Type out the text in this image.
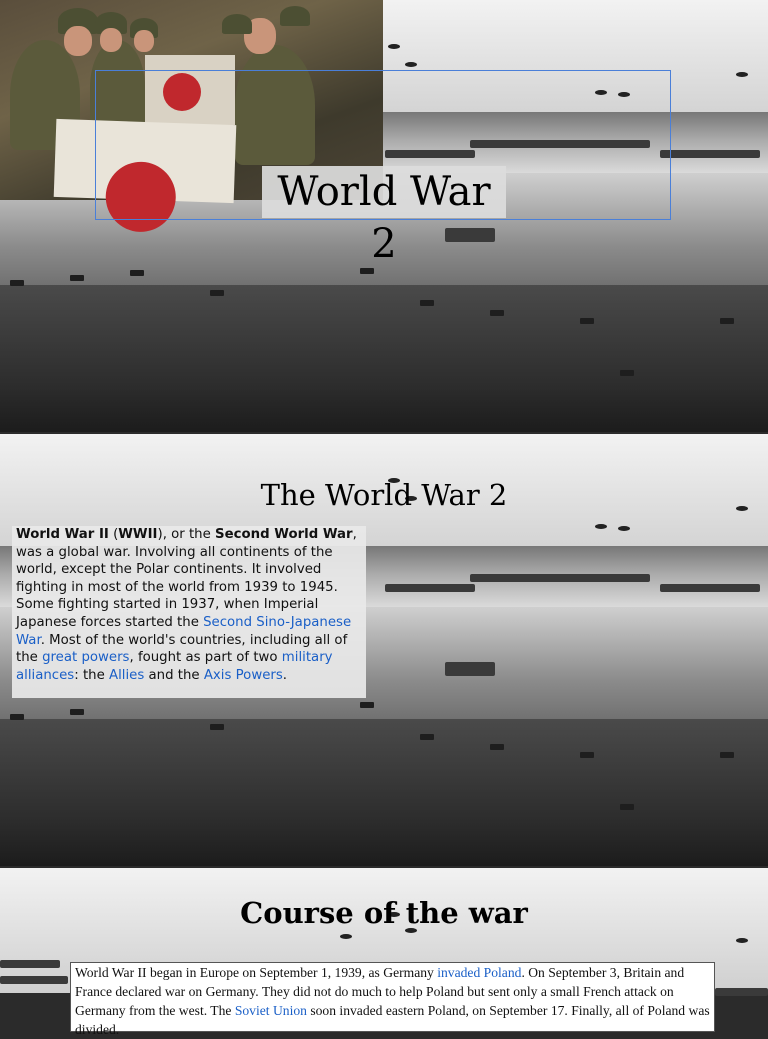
World War 2
The World War 2
World War II (WWII), or the Second World War, was a global war. Involving all continents of the world, except the Polar continents. It involved fighting in most of the world from 1939 to 1945. Some fighting started in 1937, when Imperial Japanese forces started the Second Sino-Japanese War. Most of the world's countries, including all of the great powers, fought as part of two military alliances: the Allies and the Axis Powers.
Course of the war
World War II began in Europe on September 1, 1939, as Germany invaded Poland. On September 3, Britain and France declared war on Germany. They did not do much to help Poland but sent only a small French attack on Germany from the west. The Soviet Union soon invaded eastern Poland, on September 17. Finally, all of Poland was divided.
